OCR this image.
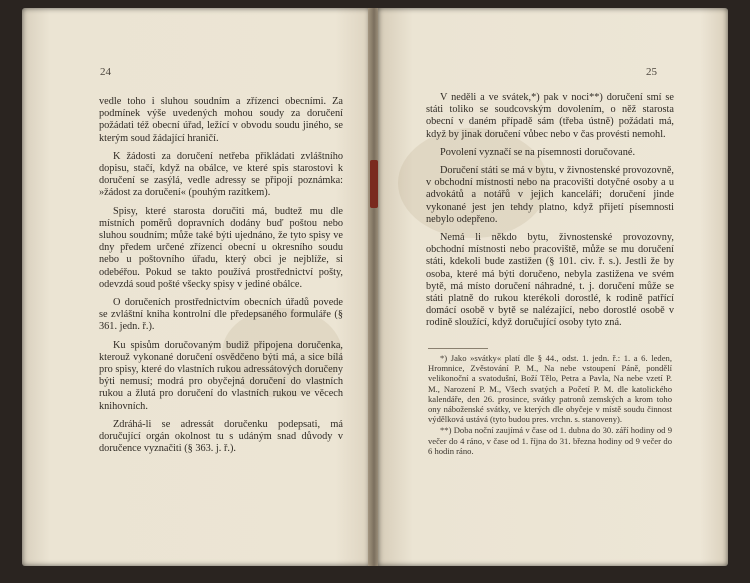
24

vedle toho i sluhou soudním a zřízenci obecními. Za podmínek výše uvedených mohou soudy za doručení požádati též obecní úřad, ležící v obvodu soudu jiného, se kterým soud žádající hraničí.

K žádosti za doručení netřeba přikládati zvláštního dopisu, stačí, když na obálce, ve které spis starostovi k doručení se zasýlá, vedle adressy se připojí poznámka: »žádost za doručení« (pouhým razítkem).

Spisy, které starosta doručiti má, budtež mu dle místních poměrů dopravních dodány buď poštou nebo sluhou soudním; může také býti ujednáno, že tyto spisy ve dny předem určené zřízenci obecní u okresního soudu nebo u poštovního úřadu, který obci je nejblíže, si odebéřou. Pokud se takto používá prostřednictví pošty, odevzdá soud pošté všecky spisy v jediné obálce.

O doručeních prostřednictvím obecních úřadů povede se zvláštní kniha kontrolní dle předepsaného formuláře (§ 361. jedn. ř.).

Ku spisům doručovaným budiž připojena doručenka, kterouž vykonané doručení osvědčeno býti má, a sice bílá pro spisy, které do vlastních rukou adressátových doručeny býti nemusí; modrá pro obyčejná doručení do vlastních rukou a žlutá pro doručení do vlastních rukou ve věcech knihovních.

Zdráhá-li se adressát doručenku podepsati, má doručující orgán okolnost tu s udáným snad důvody v doručence vyznačiti (§ 363. j. ř.).

25

V neděli a ve svátek,*) pak v noci**) doručení smí se státi toliko se soudcovským dovolením, o něž starosta obecní v daném případě sám (třeba ústně) požádati má, když by jinak doručení vůbec nebo v čas provésti nemohl.

Povolení vyznačí se na písemnosti doručované.

Doručení státi se má v bytu, v živnostenské provozovně, v obchodní místnosti nebo na pracovišti dotyčné osoby a u advokátů a notářů v jejich kanceláři; doručení jinde vykonané jest jen tehdy platno, když přijetí písemnosti nebylo odepřeno.

Nemá li někdo bytu, živnostenské provozovny, obchodní místnosti nebo pracoviště, může se mu doručení státi, kdekoli bude zastižen (§ 101. civ. ř. s.). Jestli že by osoba, které má býti doručeno, nebyla zastižena ve svém bytě, má místo doručení náhradné, t. j. doručení může se státi platně do rukou kterékoli dorostlé, k rodině patřící domácí osobě v bytě se nalézající, nebo dorostlé osobě v rodině sloužící, když doručující osoby tyto zná.

*) Jako »svátky« platí dle § 44., odst. 1. jedn. ř.: 1. a 6. leden, Hromnice, Zvěstování P. M., Na nebe vstoupení Páně, pondělí velikonoční a svatodušní, Boží Tělo, Petra a Pavla, Na nebe vzetí P. M., Narození P. M., Všech svatých a Početí P. M. dle katolického kalendáře, den 26. prosince, svátky patronů zemských a krom toho ony náboženské svátky, ve kterých dle obyčeje v místě soudu činnost výdělková ustává (tyto budou pres. vrchn. s. stanoveny).

**) Doba noční zaujímá v čase od 1. dubna do 30. září hodiny od 9 večer do 4 ráno, v čase od 1. října do 31. března hodiny od 9 večer do 6 hodin ráno.
